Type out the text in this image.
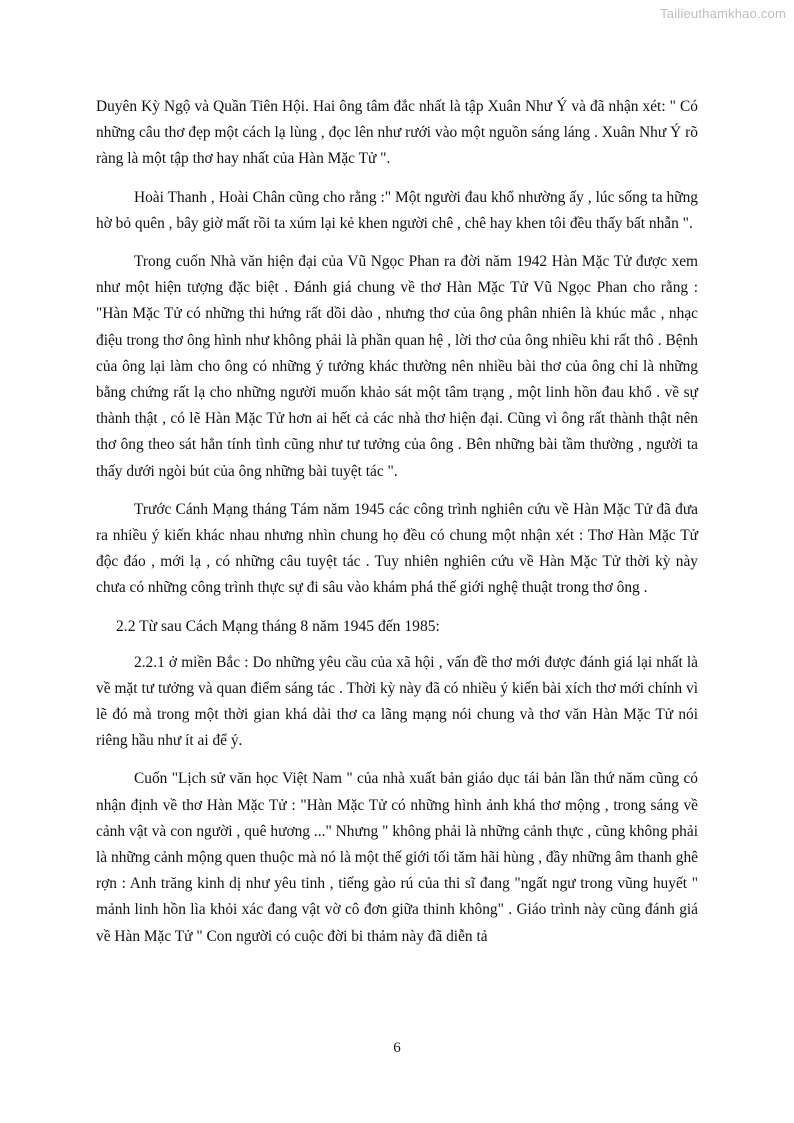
Tailieuthamkhao.com

Duyên Kỳ Ngộ và Quần Tiên Hội. Hai ông tâm đắc nhất là tập Xuân Như Ý và đã nhận xét: " Có những câu thơ đẹp một cách lạ lùng , đọc lên như rưới vào một nguồn sáng láng . Xuân Như Ý rõ ràng là một tập thơ hay nhất của Hàn Mặc Tử ".

Hoài Thanh , Hoài Chân cũng cho rằng :" Một người đau khổ nhường ấy , lúc sống ta hững hờ bỏ quên , bây giờ mất rồi ta xúm lại kẻ khen người chê , chê hay khen tôi đều thấy bất nhẫn ".

Trong cuốn Nhà văn hiện đại của Vũ Ngọc Phan ra đời năm 1942 Hàn Mặc Tử được xem như một hiện tượng đặc biệt . Đánh giá chung về thơ Hàn Mặc Tử Vũ Ngọc Phan cho rằng : "Hàn Mặc Tử có những thi hứng rất dồi dào , nhưng thơ của ông phân nhiên là khúc mắc , nhạc điệu trong thơ ông hình như không phải là phần quan hệ , lời thơ của ông nhiều khi rất thô . Bệnh của ông lại làm cho ông có những ý tưởng khác thường nên nhiều bài thơ của ông chỉ là những bằng chứng rất lạ cho những người muốn khảo sát một tâm trạng , một linh hồn đau khổ . về sự thành thật , có lẽ Hàn Mặc Tử hơn ai hết cả các nhà thơ hiện đại. Cũng vì ông rất thành thật nên thơ ông theo sát hẳn tính tình cũng như tư tưởng của ông . Bên những bài tầm thường , người ta thấy dưới ngòi bút của ông những bài tuyệt tác ".

Trước Cánh Mạng tháng Tám năm 1945 các công trình nghiên cứu về Hàn Mặc Tử đã đưa ra nhiều ý kiến khác nhau nhưng nhìn chung họ đều có chung một nhận xét : Thơ Hàn Mặc Tử độc đáo , mới lạ , có những câu tuyệt tác . Tuy nhiên nghiên cứu về Hàn Mặc Tử thời kỳ này chưa có những công trình thực sự đi sâu vào khám phá thế giới nghệ thuật trong thơ ông .

2.2 Từ sau Cách Mạng tháng 8 năm 1945 đến 1985:

2.2.1 ở miền Bắc : Do những yêu cầu của xã hội , vấn đề thơ mới được đánh giá lại nhất là về mặt tư tưởng và quan điểm sáng tác . Thời kỳ này đã có nhiều ý kiến bài xích thơ mới chính vì lẽ đó mà trong một thời gian khá dài thơ ca lãng mạng nói chung và thơ văn Hàn Mặc Tử nói riêng hầu như ít ai để ý.

Cuốn "Lịch sử văn học Việt Nam " của nhà xuất bản giáo dục tái bản lần thứ năm cũng có nhận định về thơ Hàn Mặc Tử : "Hàn Mặc Tử có những hình ảnh khá thơ mộng , trong sáng về cảnh vật và con người , quê hương ..." Nhưng " không phải là những cảnh thực , cũng không phải là những cảnh mộng quen thuộc mà nó là một thế giới tối tăm hãi hùng , đầy những âm thanh ghê rợn : Anh trăng kinh dị như yêu tinh , tiếng gào rú của thi sĩ đang "ngất ngư trong vũng huyết " mảnh linh hồn lìa khỏi xác đang vật vờ cô đơn giữa thinh không" . Giáo trình này cũng đánh giá về Hàn Mặc Tử " Con người có cuộc đời bi thảm này đã diễn tả

6
